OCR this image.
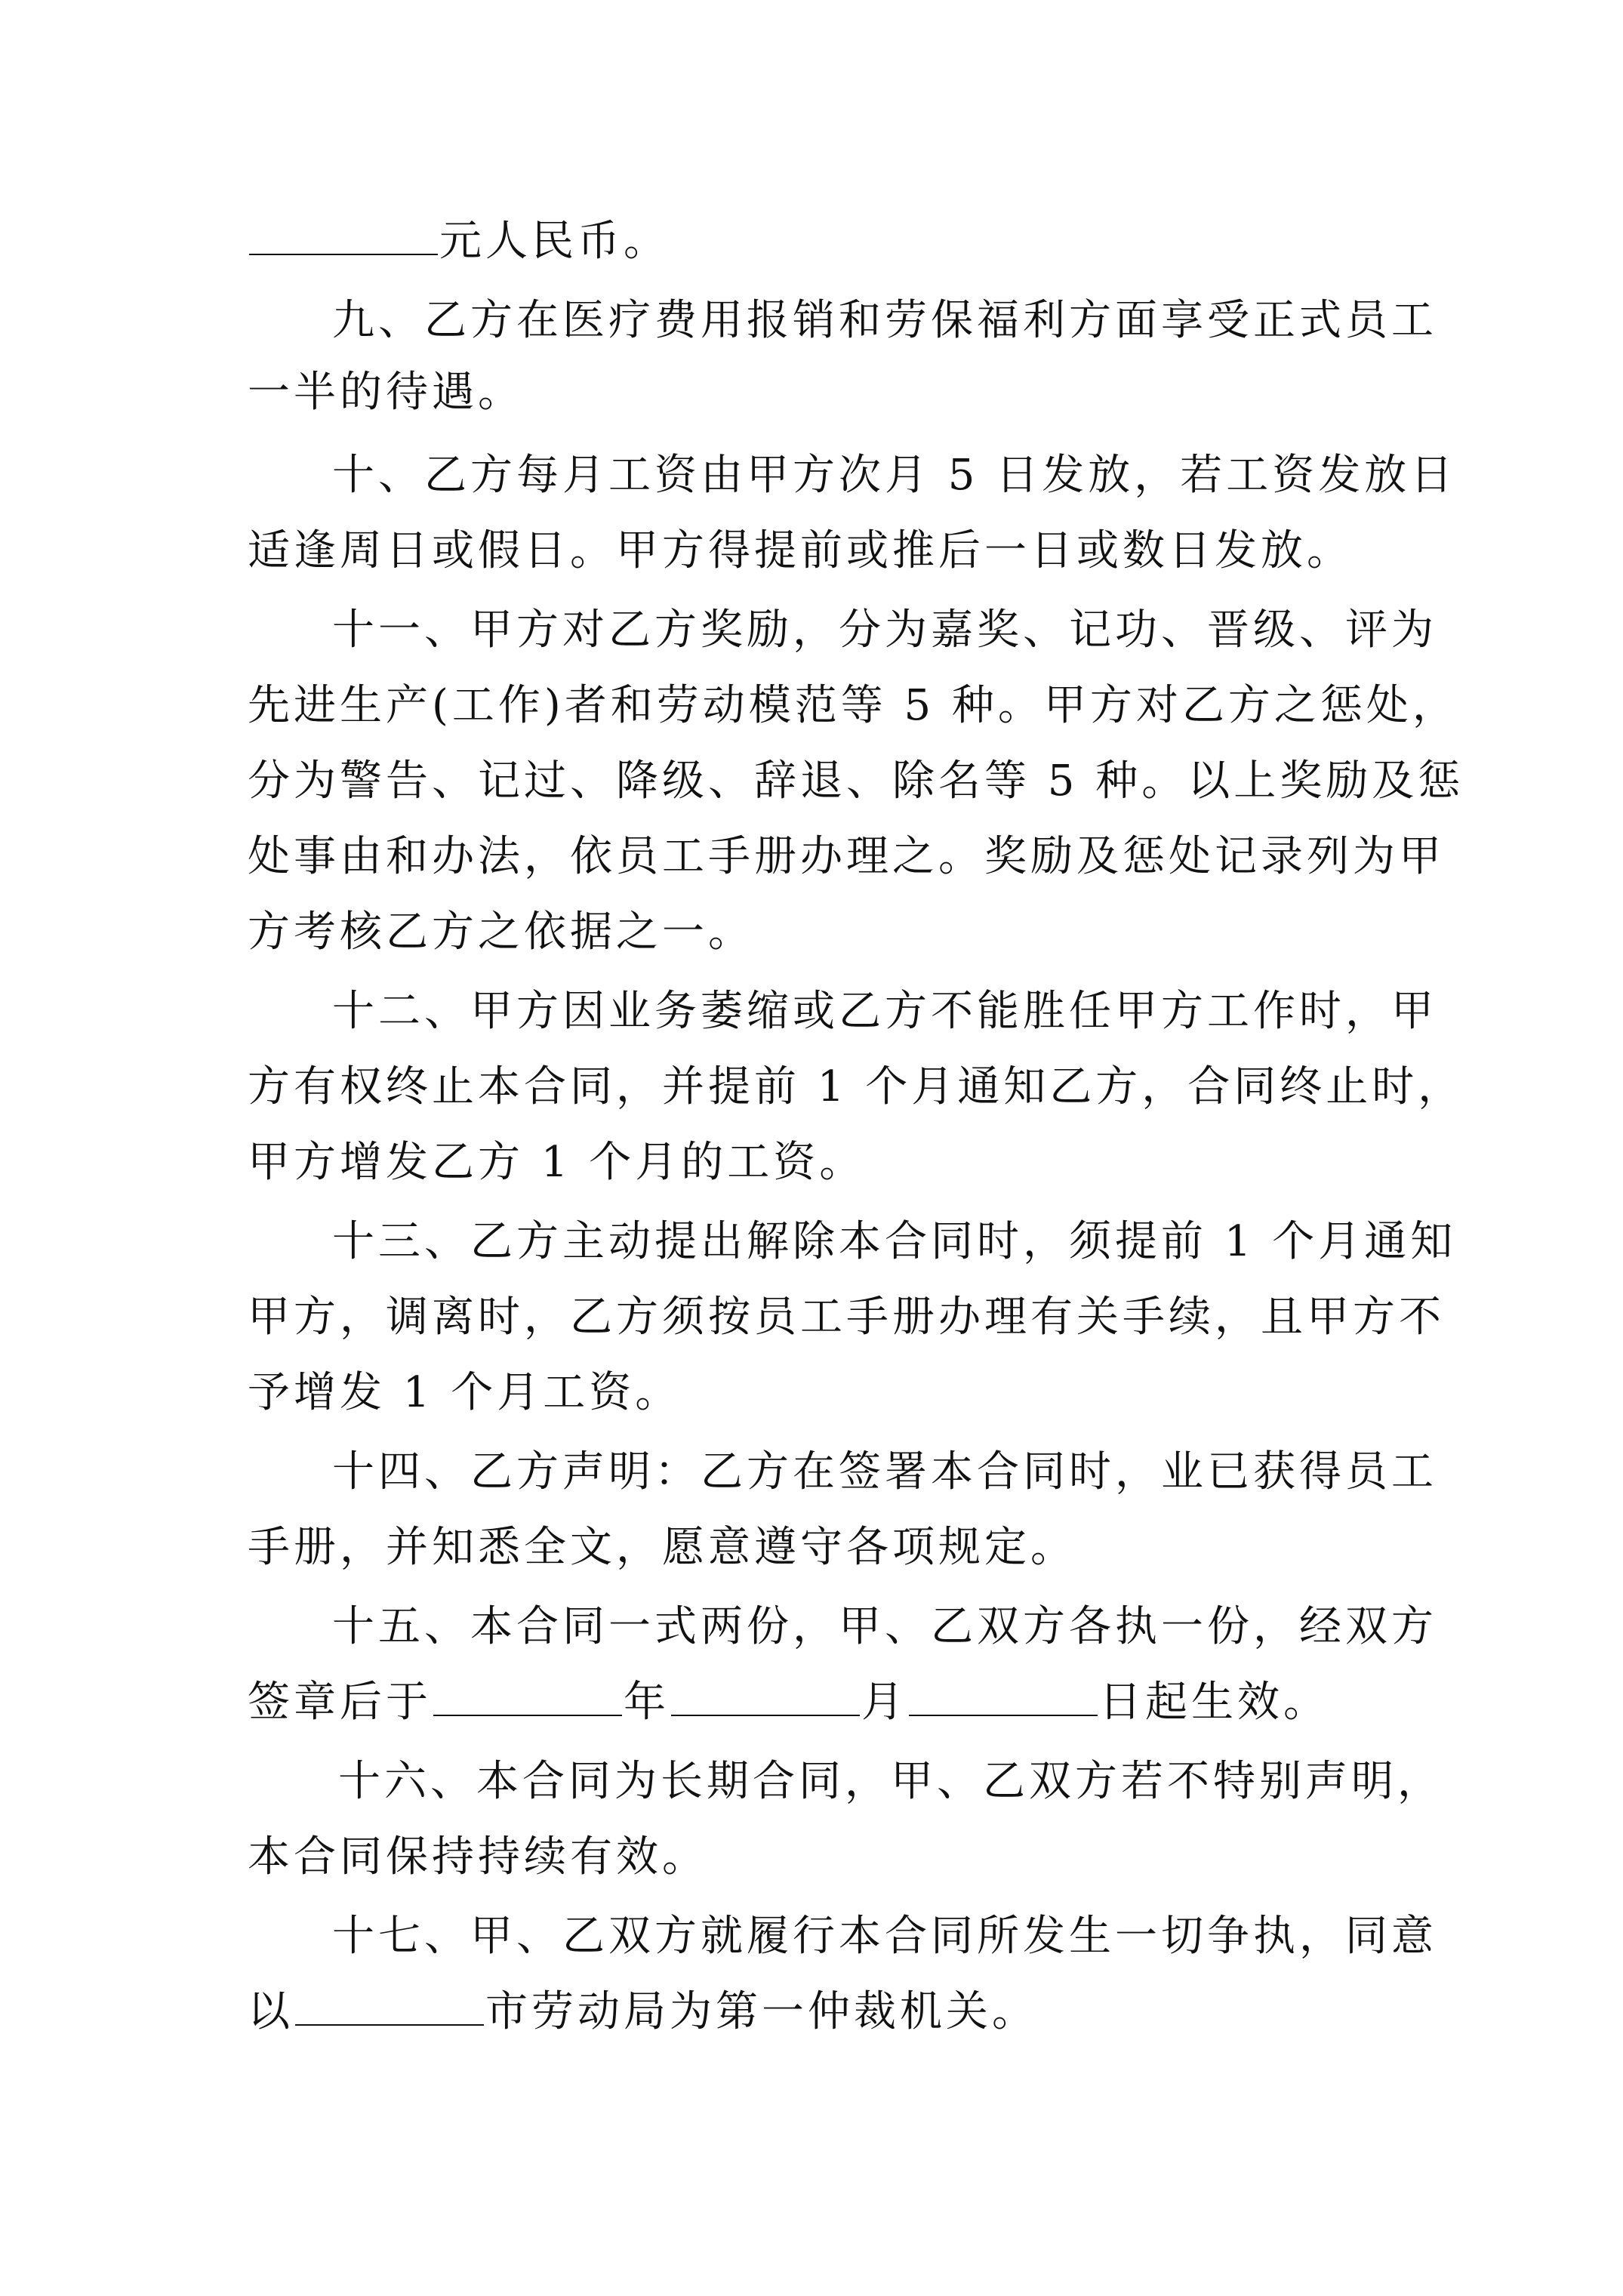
元人民币。
九、乙方在医疗费用报销和劳保福利方面享受正式员工
一半的待遇。
十、乙方每月工资由甲方次月 5 日发放，若工资发放日
适逢周日或假日。甲方得提前或推后一日或数日发放。
十一、甲方对乙方奖励，分为嘉奖、记功、晋级、评为
先进生产(工作)者和劳动模范等 5 种。甲方对乙方之惩处，
分为警告、记过、降级、辞退、除名等 5 种。以上奖励及惩
处事由和办法，依员工手册办理之。奖励及惩处记录列为甲
方考核乙方之依据之一。
十二、甲方因业务萎缩或乙方不能胜任甲方工作时，甲
方有权终止本合同，并提前 1 个月通知乙方，合同终止时，
甲方增发乙方 1 个月的工资。
十三、乙方主动提出解除本合同时，须提前 1 个月通知
甲方，调离时，乙方须按员工手册办理有关手续，且甲方不
予增发 1 个月工资。
十四、乙方声明：乙方在签署本合同时，业已获得员工
手册，并知悉全文，愿意遵守各项规定。
十五、本合同一式两份，甲、乙双方各执一份，经双方
签章后于	年	月	日起生效。
十六、本合同为长期合同，甲、乙双方若不特别声明，
本合同保持持续有效。
十七、甲、乙双方就履行本合同所发生一切争执，同意
以	市劳动局为第一仲裁机关。
